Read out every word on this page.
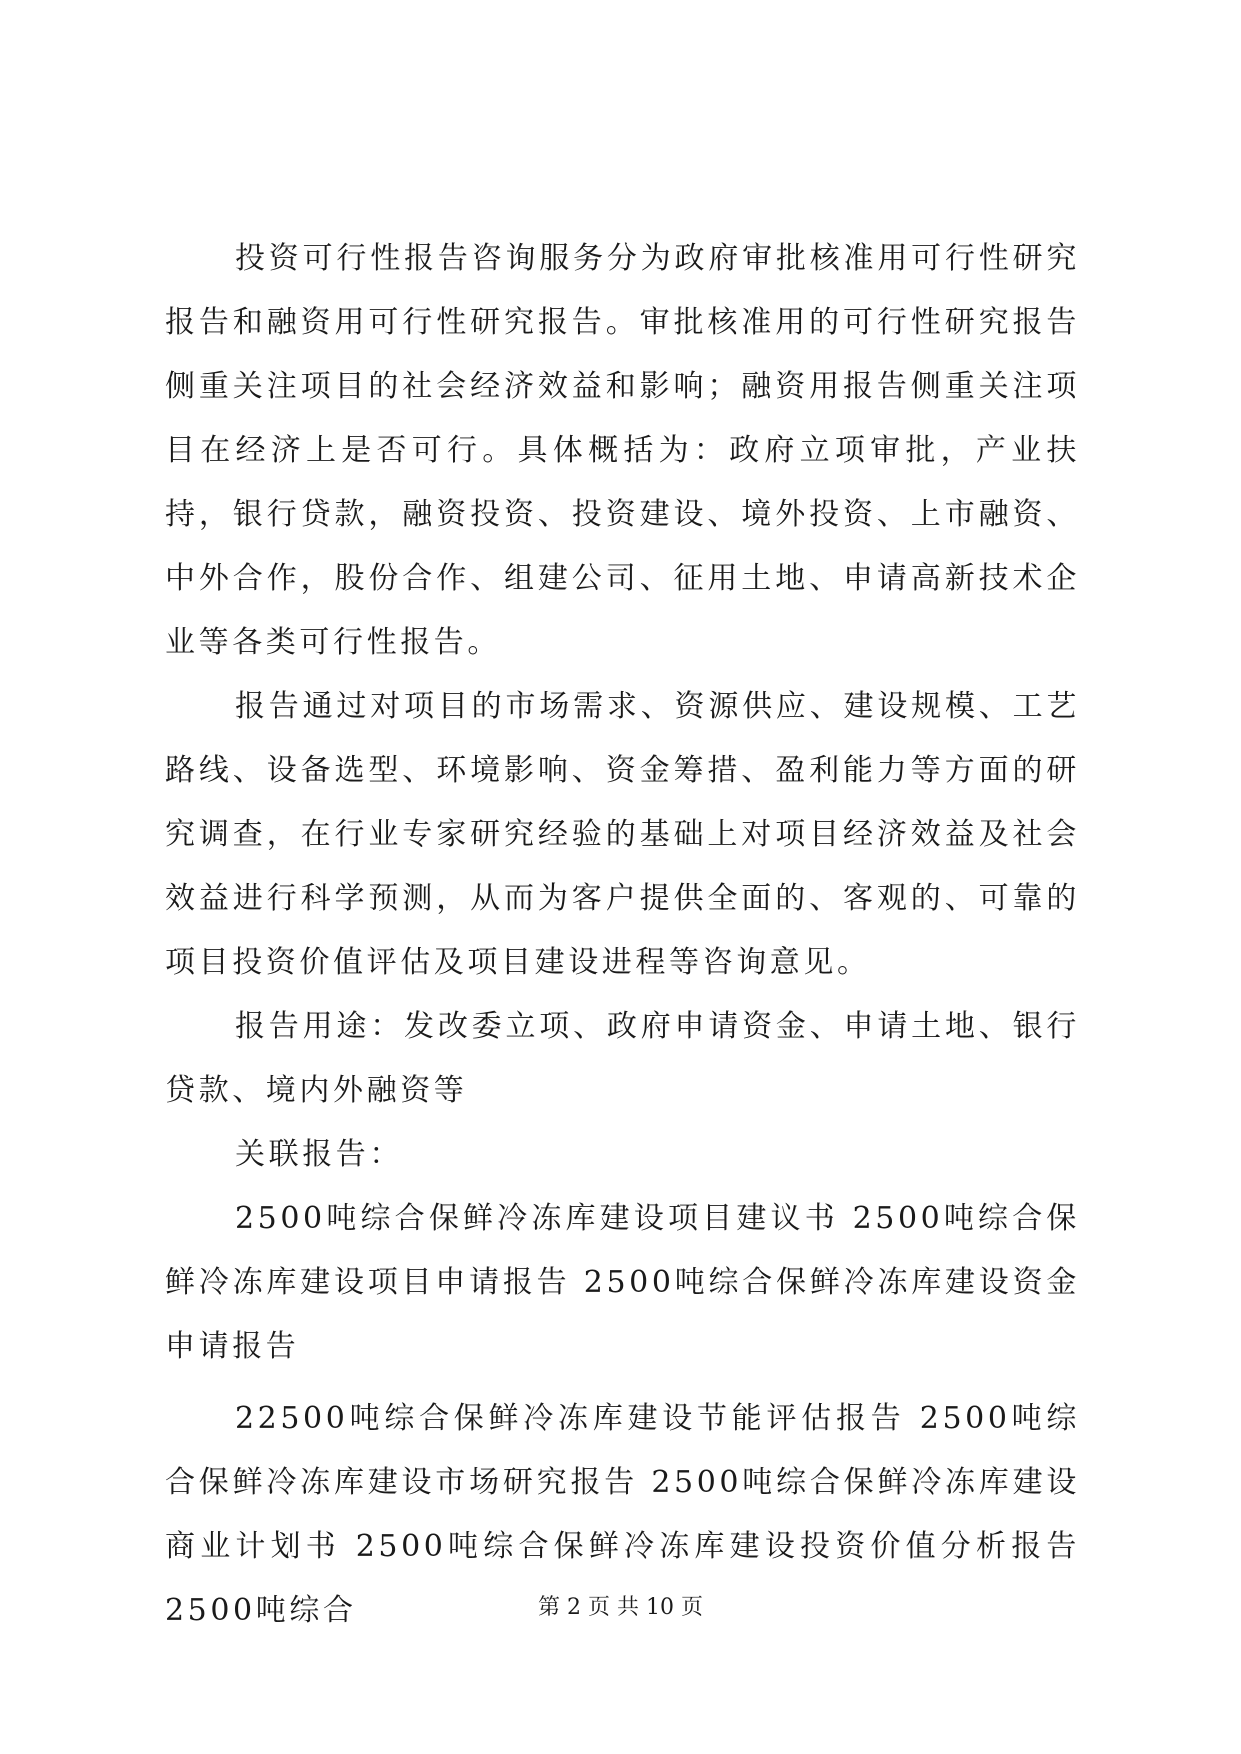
投资可行性报告咨询服务分为政府审批核准用可行性研究报告和融资用可行性研究报告。审批核准用的可行性研究报告侧重关注项目的社会经济效益和影响；融资用报告侧重关注项目在经济上是否可行。具体概括为：政府立项审批，产业扶持，银行贷款，融资投资、投资建设、境外投资、上市融资、中外合作，股份合作、组建公司、征用土地、申请高新技术企业等各类可行性报告。

报告通过对项目的市场需求、资源供应、建设规模、工艺路线、设备选型、环境影响、资金筹措、盈利能力等方面的研究调查，在行业专家研究经验的基础上对项目经济效益及社会效益进行科学预测，从而为客户提供全面的、客观的、可靠的项目投资价值评估及项目建设进程等咨询意见。

报告用途：发改委立项、政府申请资金、申请土地、银行贷款、境内外融资等

关联报告：

2500吨综合保鲜冷冻库建设项目建议书 2500吨综合保鲜冷冻库建设项目申请报告 2500吨综合保鲜冷冻库建设资金申请报告

22500吨综合保鲜冷冻库建设节能评估报告 2500吨综合保鲜冷冻库建设市场研究报告 2500吨综合保鲜冷冻库建设商业计划书 2500吨综合保鲜冷冻库建设投资价值分析报告 2500吨综合	第 2 页 共 10 页
